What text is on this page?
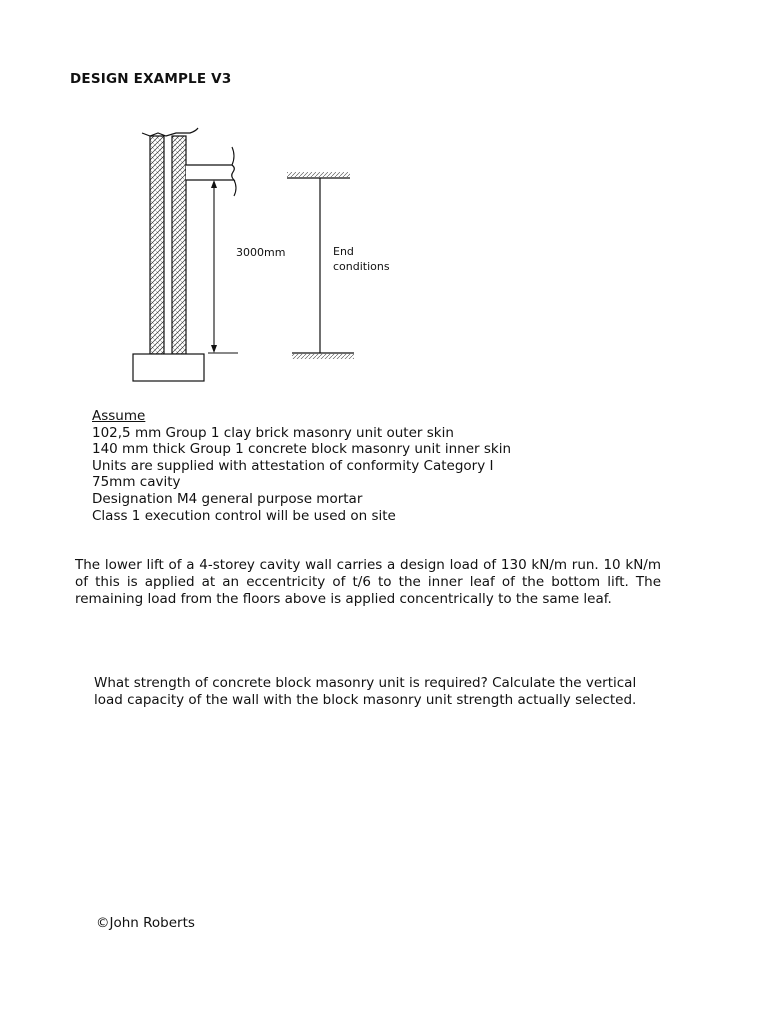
DESIGN EXAMPLE V3
3000mm	End
conditions
Assume
102,5 mm Group 1 clay brick masonry unit outer skin
140 mm thick Group 1 concrete block masonry unit inner skin
Units are supplied with attestation of conformity Category I
75mm cavity
Designation M4 general purpose mortar
Class 1 execution control will be used on site
The lower lift of a 4-storey cavity wall carries a design load of 130 kN/m run. 10 kN/m of this is applied at an eccentricity of t/6 to the inner leaf of the bottom lift. The remaining load from the floors above is applied concentrically to the same leaf.
What strength of concrete block masonry unit is required? Calculate the vertical load capacity of the wall with the block masonry unit strength actually selected.
©John Roberts
